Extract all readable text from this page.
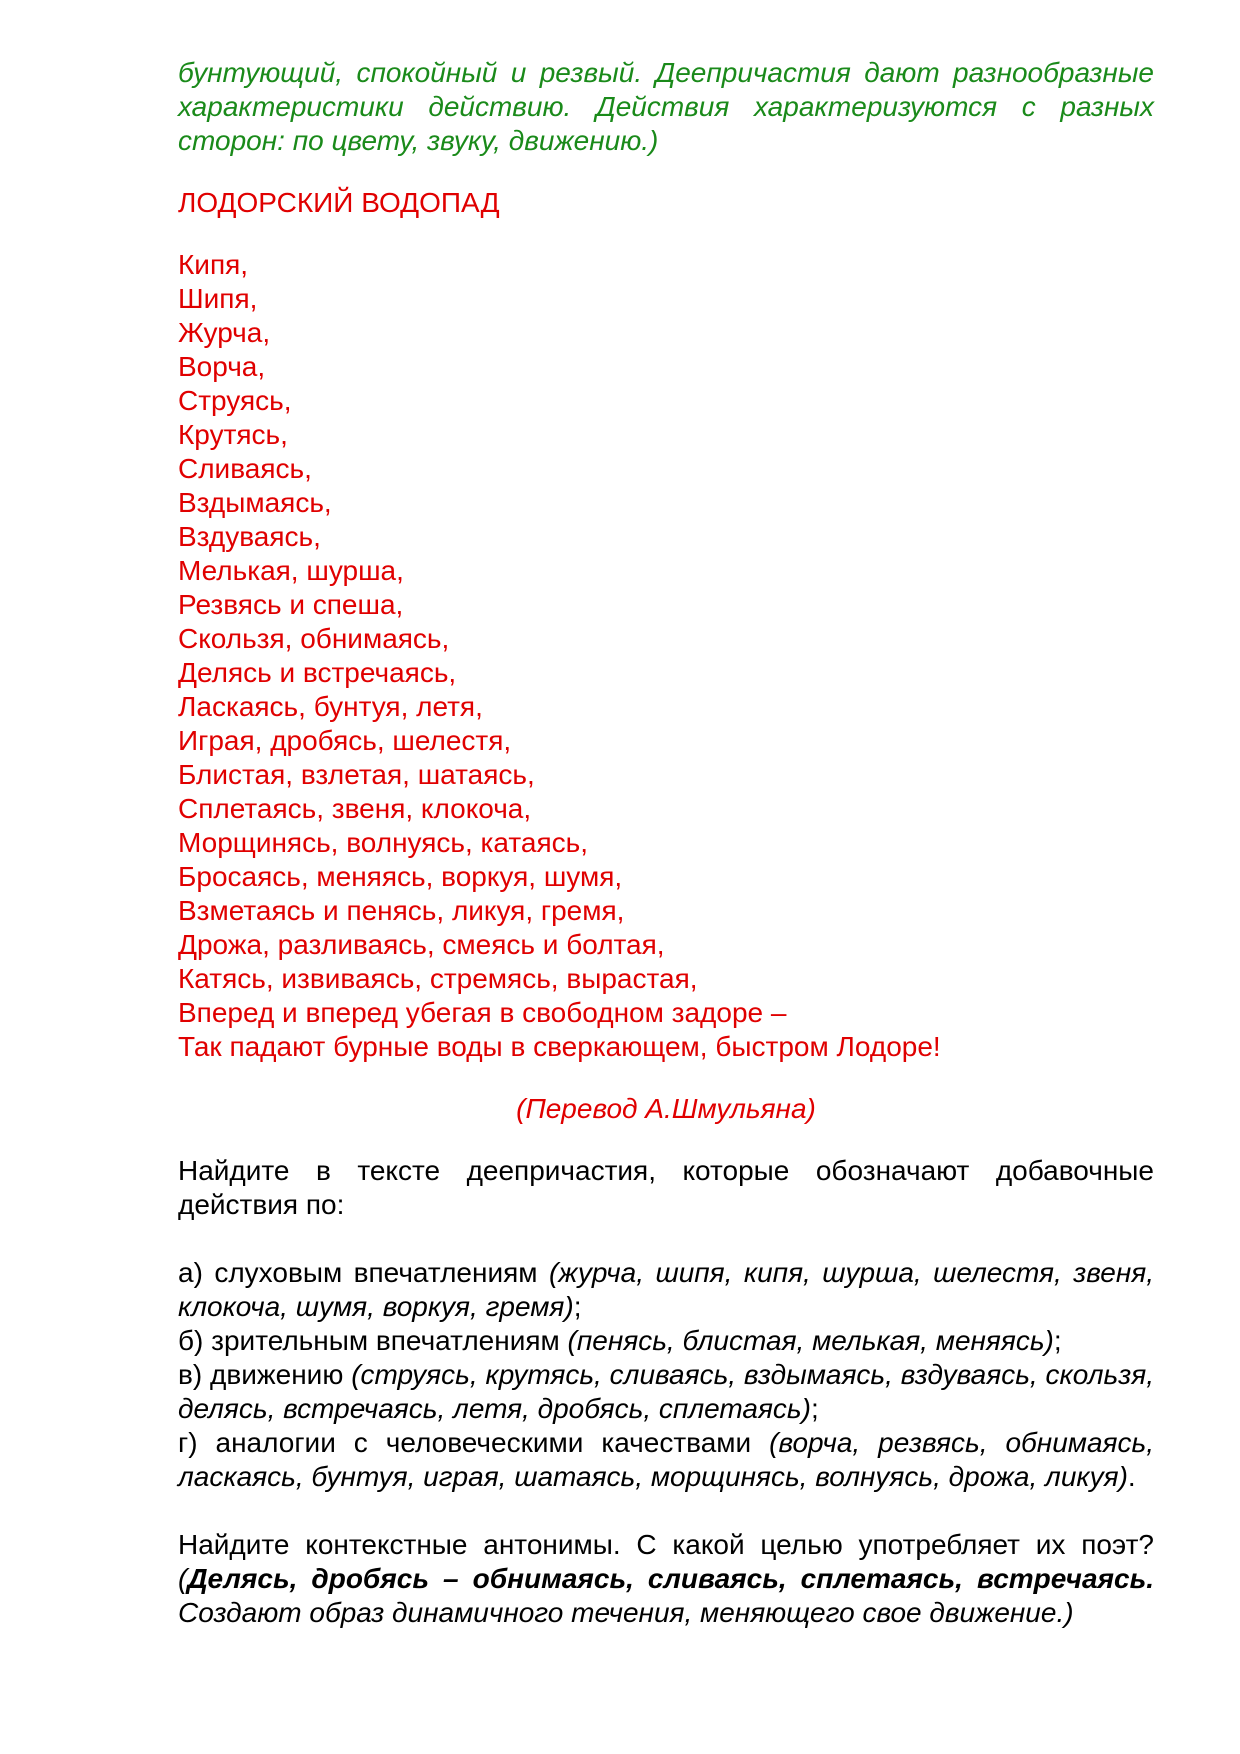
бунтующий, спокойный и резвый. Деепричастия дают разнообразные характеристики действию. Действия характеризуются с разных сторон: по цвету, звуку, движению.)
ЛОДОРСКИЙ ВОДОПАД
Кипя,
Шипя,
Журча,
Ворча,
Струясь,
Крутясь,
Сливаясь,
Вздымаясь,
Вздуваясь,
Мелькая, шурша,
Резвясь и спеша,
Скользя, обнимаясь,
Делясь и встречаясь,
Ласкаясь, бунтуя, летя,
Играя, дробясь, шелестя,
Блистая, взлетая, шатаясь,
Сплетаясь, звеня, клокоча,
Морщинясь, волнуясь, катаясь,
Бросаясь, меняясь, воркуя, шумя,
Взметаясь и пенясь, ликуя, гремя,
Дрожа, разливаясь, смеясь и болтая,
Катясь, извиваясь, стремясь, вырастая,
Вперед и вперед убегая в свободном задоре –
Так падают бурные воды в сверкающем, быстром Лодоре!
(Перевод А.Шмульяна)
Найдите в тексте деепричастия, которые обозначают добавочные действия по:
а) слуховым впечатлениям (журча, шипя, кипя, шурша, шелестя, звеня, клокоча, шумя, воркуя, гремя);
б) зрительным впечатлениям (пенясь, блистая, мелькая, меняясь);
в) движению (струясь, крутясь, сливаясь, вздымаясь, вздуваясь, скользя, делясь, встречаясь, летя, дробясь, сплетаясь);
г) аналогии с человеческими качествами (ворча, резвясь, обнимаясь, ласкаясь, бунтуя, играя, шатаясь, морщинясь, волнуясь, дрожа, ликуя).
Найдите контекстные антонимы. С какой целью употребляет их поэт? (Делясь, дробясь – обнимаясь, сливаясь, сплетаясь, встречаясь. Создают образ динамичного течения, меняющего свое движение.)
